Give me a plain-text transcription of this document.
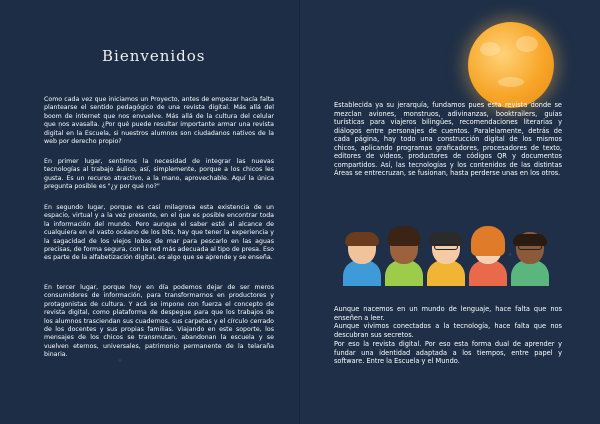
Bienvenidos

Como cada vez que iniciamos un Proyecto, antes de empezar hacía falta plantearse el sentido pedagógico de una revista digital. Más allá del boom de internet que nos envuelve. Más allá de la cultura del celular que nos avasalla. ¿Por qué puede resultar importante armar una revista digital en la Escuela, si nuestros alumnos son ciudadanos nativos de la web por derecho propio?

En primer lugar, sentimos la necesidad de integrar las nuevas tecnologías al trabajo áulico, así, simplemente, porque a los chicos les gusta. Es un recurso atractivo, a la mano, aprovechable. Aquí la única pregunta posible es "¿y por qué no?"

En segundo lugar, porque es casi milagrosa esta existencia de un espacio, virtual y a la vez presente, en el que es posible encontrar toda la información del mundo. Pero aunque el saber esté al alcance de cualquiera en el vasto océano de los bits, hay que tener la experiencia y la sagacidad de los viejos lobos de mar para pescarlo en las aguas precisas, de forma segura, con la red más adecuada al tipo de presa. Eso es parte de la alfabetización digital, es algo que se aprende y se enseña.

En tercer lugar, porque hoy en día podemos dejar de ser meros consumidores de información, para transformarnos en productores y protagonistas de cultura. Y acá se impone con fuerza el concepto de revista digital, como plataforma de despegue para que los trabajos de los alumnos trasciendan sus cuadernos, sus carpetas y el círculo cerrado de los docentes y sus propias familias. Viajando en este soporte, los mensajes de los chicos se transmutan, abandonan la escuela y se vuelven eternos, universales, patrimonio permanente de la telaraña binaria.

Establecida ya su jerarquía, fundamos pues esta revista donde se mezclan aviones, monstruos, adivinanzas, booktrailers, guías turísticas para viajeros bilingües, recomendaciones literarias y diálogos entre personajes de cuentos. Paralelamente, detrás de cada página, hay todo una construcción digital de los mismos chicos, aplicando programas graficadores, procesadores de texto, editores de videos, productores de códigos QR y documentos compartidos. Así, las tecnologías y los contenidos de las distintas Áreas se entrecruzan, se fusionan, hasta perderse unas en los otros.

Aunque nacemos en un mundo de lenguaje, hace falta que nos enseñen a leer.

Aunque vivimos conectados a la tecnología, hace falta que nos descubran sus secretos.

Por eso la revista digital. Por eso esta forma dual de aprender y fundar una identidad adaptada a los tiempos, entre papel y software. Entre la Escuela y el Mundo.
